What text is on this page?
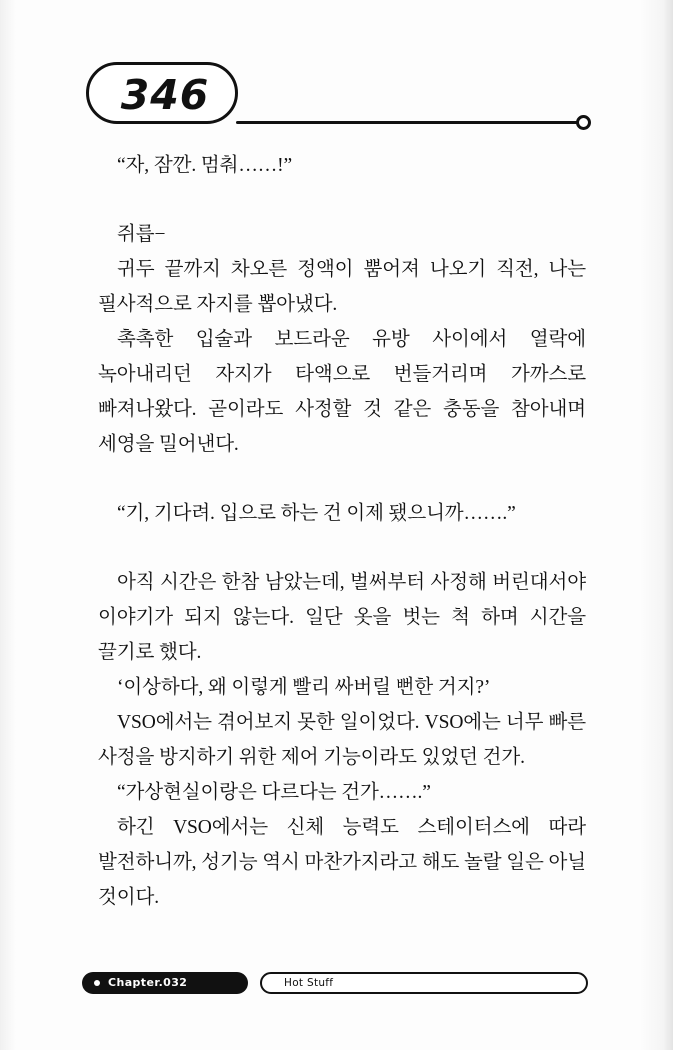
346

“자, 잠깐. 멈춰……!”

쥐릅−

귀두 끝까지 차오른 정액이 뿜어져 나오기 직전, 나는 필사적으로 자지를 뽑아냈다.

촉촉한 입술과 보드라운 유방 사이에서 열락에 녹아내리던 자지가 타액으로 번들거리며 가까스로 빠져나왔다. 곧이라도 사정할 것 같은 충동을 참아내며 세영을 밀어낸다.

“기, 기다려. 입으로 하는 건 이제 됐으니까…….”

아직 시간은 한참 남았는데, 벌써부터 사정해 버린대서야 이야기가 되지 않는다. 일단 옷을 벗는 척 하며 시간을 끌기로 했다.

‘이상하다, 왜 이렇게 빨리 싸버릴 뻔한 거지?’

VSO에서는 겪어보지 못한 일이었다. VSO에는 너무 빠른 사정을 방지하기 위한 제어 기능이라도 있었던 건가.

“가상현실이랑은 다르다는 건가…….”

하긴 VSO에서는 신체 능력도 스테이터스에 따라 발전하니까, 성기능 역시 마찬가지라고 해도 놀랄 일은 아닐 것이다.

Chapter.032	Hot Stuff
